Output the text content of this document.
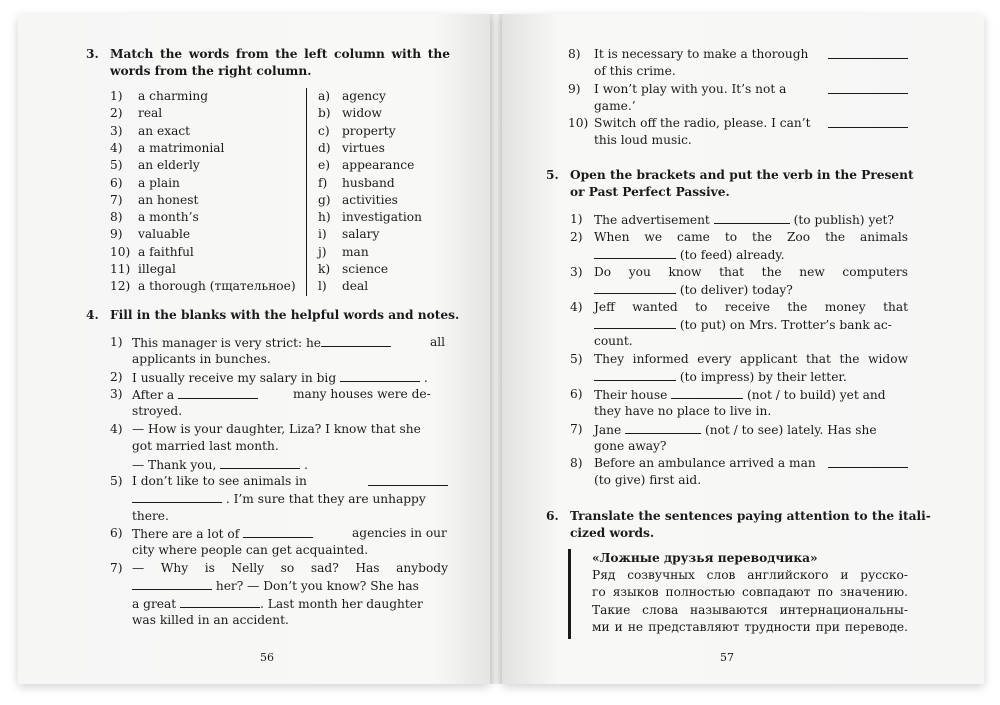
3. Match the words from the left column with the
words from the right column.
1) a charming
2) real
3) an exact
4) a matrimonial
5) an elderly
6) a plain
7) an honest
8) a month’s
9) valuable
10) a faithful
11) illegal
12) a thorough (тщательное)
a) agency
b) widow
c) property
d) virtues
e) appearance
f) husband
g) activities
h) investigation
i) salary
j) man
k) science
l) deal
4. Fill in the blanks with the helpful words and notes.
1) This manager is very strict: he	all
applicants in bunches.
2) I usually receive my salary in big	.
3) After a	many houses were de-
stroyed.
4) — How is your daughter, Liza? I know that she
got married last month.
— Thank you,	.
5) I don’t like to see animals in
. I’m sure that they are unhappy
there.
6) There are a lot of	agencies in our
city where people can get acquainted.
7) — Why is Nelly so sad? Has anybody
her? — Don’t you know? She has
a great	. Last month her daughter
was killed in an accident.
56
8) It is necessary to make a thorough
of this crime.
9) I won’t play with you. It’s not a
game.’
10) Switch off the radio, please. I can’t
this loud music.
5. Open the brackets and put the verb in the Present
or Past Perfect Passive.
1) The advertisement	(to publish) yet?
2) When we came to the Zoo the animals
(to feed) already.
3) Do you know that the new computers
(to deliver) today?
4) Jeff wanted to receive the money that
(to put) on Mrs. Trotter’s bank ac-
count.
5) They informed every applicant that the widow
(to impress) by their letter.
6) Their house	(not / to build) yet and
they have no place to live in.
7) Jane	(not / to see) lately. Has she
gone away?
8) Before an ambulance arrived a man
(to give) first aid.
6. Translate the sentences paying attention to the itali-
cized words.
«Ложные друзья переводчика»
Ряд созвучных слов английского и русско-
го языков полностью совпадают по значению.
Такие слова называются интернациональны-
ми и не представляют трудности при переводе.
57
